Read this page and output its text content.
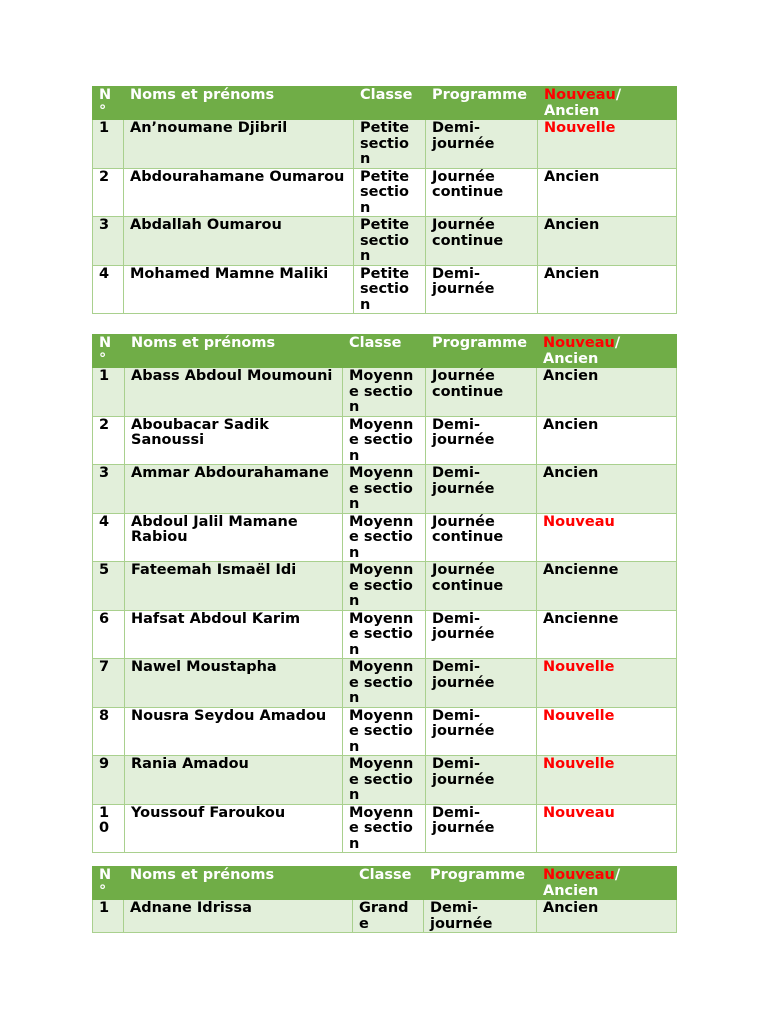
N°	Noms et prénoms	Classe	Programme	Nouveau/
Ancien
1	An’noumane Djibril	Petite section	Demi-journée	Nouvelle
2	Abdourahamane Oumarou	Petite section	Journée continue	Ancien
3	Abdallah Oumarou	Petite section	Journée continue	Ancien
4	Mohamed Mamne Maliki	Petite section	Demi-journée	Ancien
N°	Noms et prénoms	Classe	Programme	Nouveau/
Ancien
1	Abass Abdoul Moumouni	Moyenne section	Journée continue	Ancien
2	Aboubacar Sadik Sanoussi	Moyenne section	Demi-journée	Ancien
3	Ammar Abdourahamane	Moyenne section	Demi-journée	Ancien
4	Abdoul Jalil Mamane Rabiou	Moyenne section	Journée continue	Nouveau
5	Fateemah Ismaël Idi	Moyenne section	Journée continue	Ancienne
6	Hafsat Abdoul Karim	Moyenne section	Demi-journée	Ancienne
7	Nawel Moustapha	Moyenne section	Demi-journée	Nouvelle
8	Nousra Seydou Amadou	Moyenne section	Demi-journée	Nouvelle
9	Rania Amadou	Moyenne section	Demi-journée	Nouvelle
10	Youssouf Faroukou	Moyenne section	Demi-journée	Nouveau
N°	Noms et prénoms	Classe	Programme	Nouveau/
Ancien
1	Adnane Idrissa	Grande	Demi-journée	Ancien
